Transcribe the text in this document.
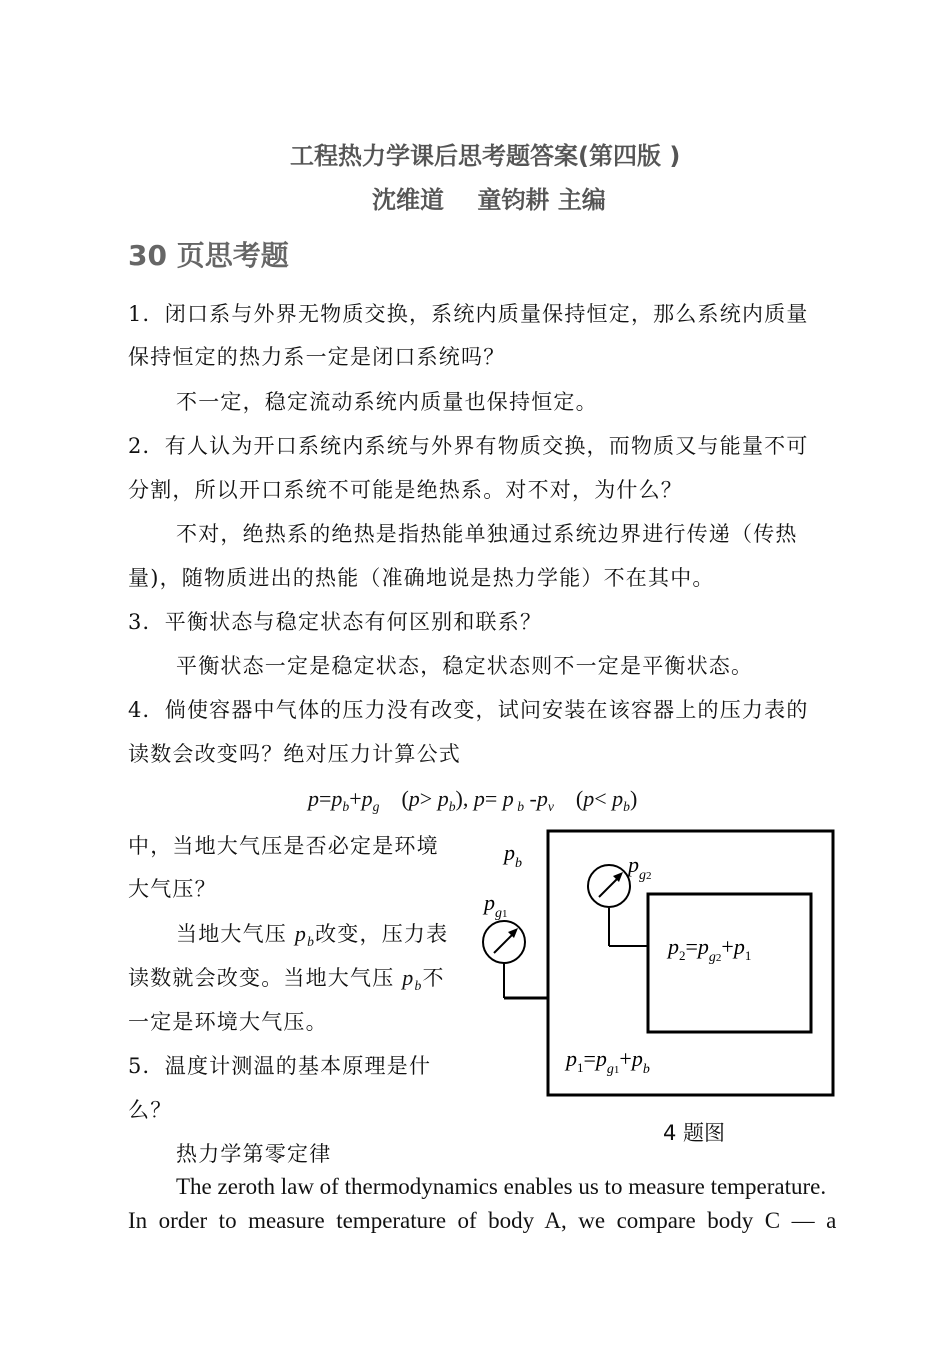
工程热力学课后思考题答案(第四版 )
沈维道    童钧耕 主编
30 页思考题
1．闭口系与外界无物质交换，系统内质量保持恒定，那么系统内质量
保持恒定的热力系一定是闭口系统吗？
不一定，稳定流动系统内质量也保持恒定。
2．有人认为开口系统内系统与外界有物质交换，而物质又与能量不可
分割，所以开口系统不可能是绝热系。对不对，为什么？
不对，绝热系的绝热是指热能单独通过系统边界进行传递（传热
量)，随物质进出的热能（准确地说是热力学能）不在其中。
3．平衡状态与稳定状态有何区别和联系？
平衡状态一定是稳定状态，稳定状态则不一定是平衡状态。
4．倘使容器中气体的压力没有改变，试问安装在该容器上的压力表的
读数会改变吗？绝对压力计算公式
$p=p_b+p_g$    $(p> p_b)$, p= p $_b$ $-p_v$    $(p< p_b)$
中，当地大气压是否必定是环境
大气压？
当地大气压 $p_b$改变，压力表
读数就会改变。当地大气压 $p_b$不
一定是环境大气压。
5．温度计测温的基本原理是什
么？
热力学第零定律
The zeroth law of thermodynamics enables us to measure temperature.
In  order  to  measure  temperature  of  body  A,  we  compare  body  C  —  a
$p_b$
$p_g1$
$p_g2$
$p_2=p_g2+p_1$
$p_1=p_g1+p_b$
4 题图
